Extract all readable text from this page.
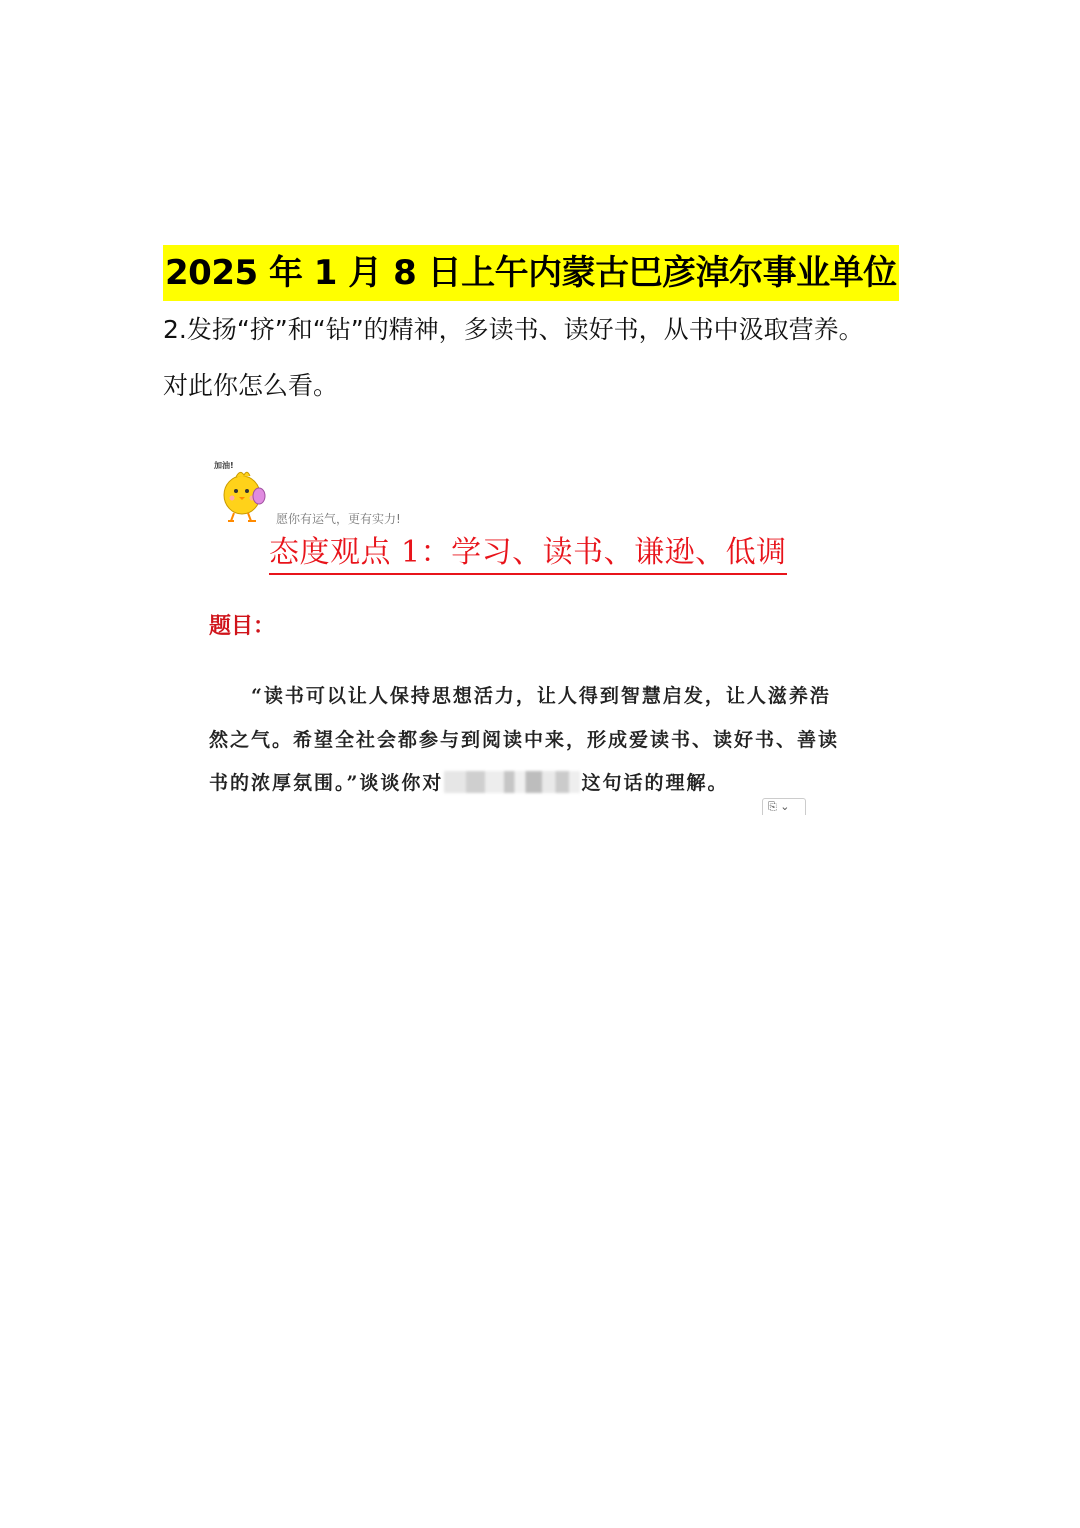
2025 年 1 月 8 日上午内蒙古巴彦淖尔事业单位
2.发扬“挤”和“钻”的精神，多读书、读好书，从书中汲取营养。
对此你怎么看。
加油!
愿你有运气，更有实力!
态度观点 1：学习、读书、谦逊、低调
题目：
“读书可以让人保持思想活力，让人得到智慧启发，让人滋养浩
然之气。希望全社会都参与到阅读中来，形成爱读书、读好书、善读
书的浓厚氛围。”谈谈你对	这句话的理解。
⎘ ⌄
